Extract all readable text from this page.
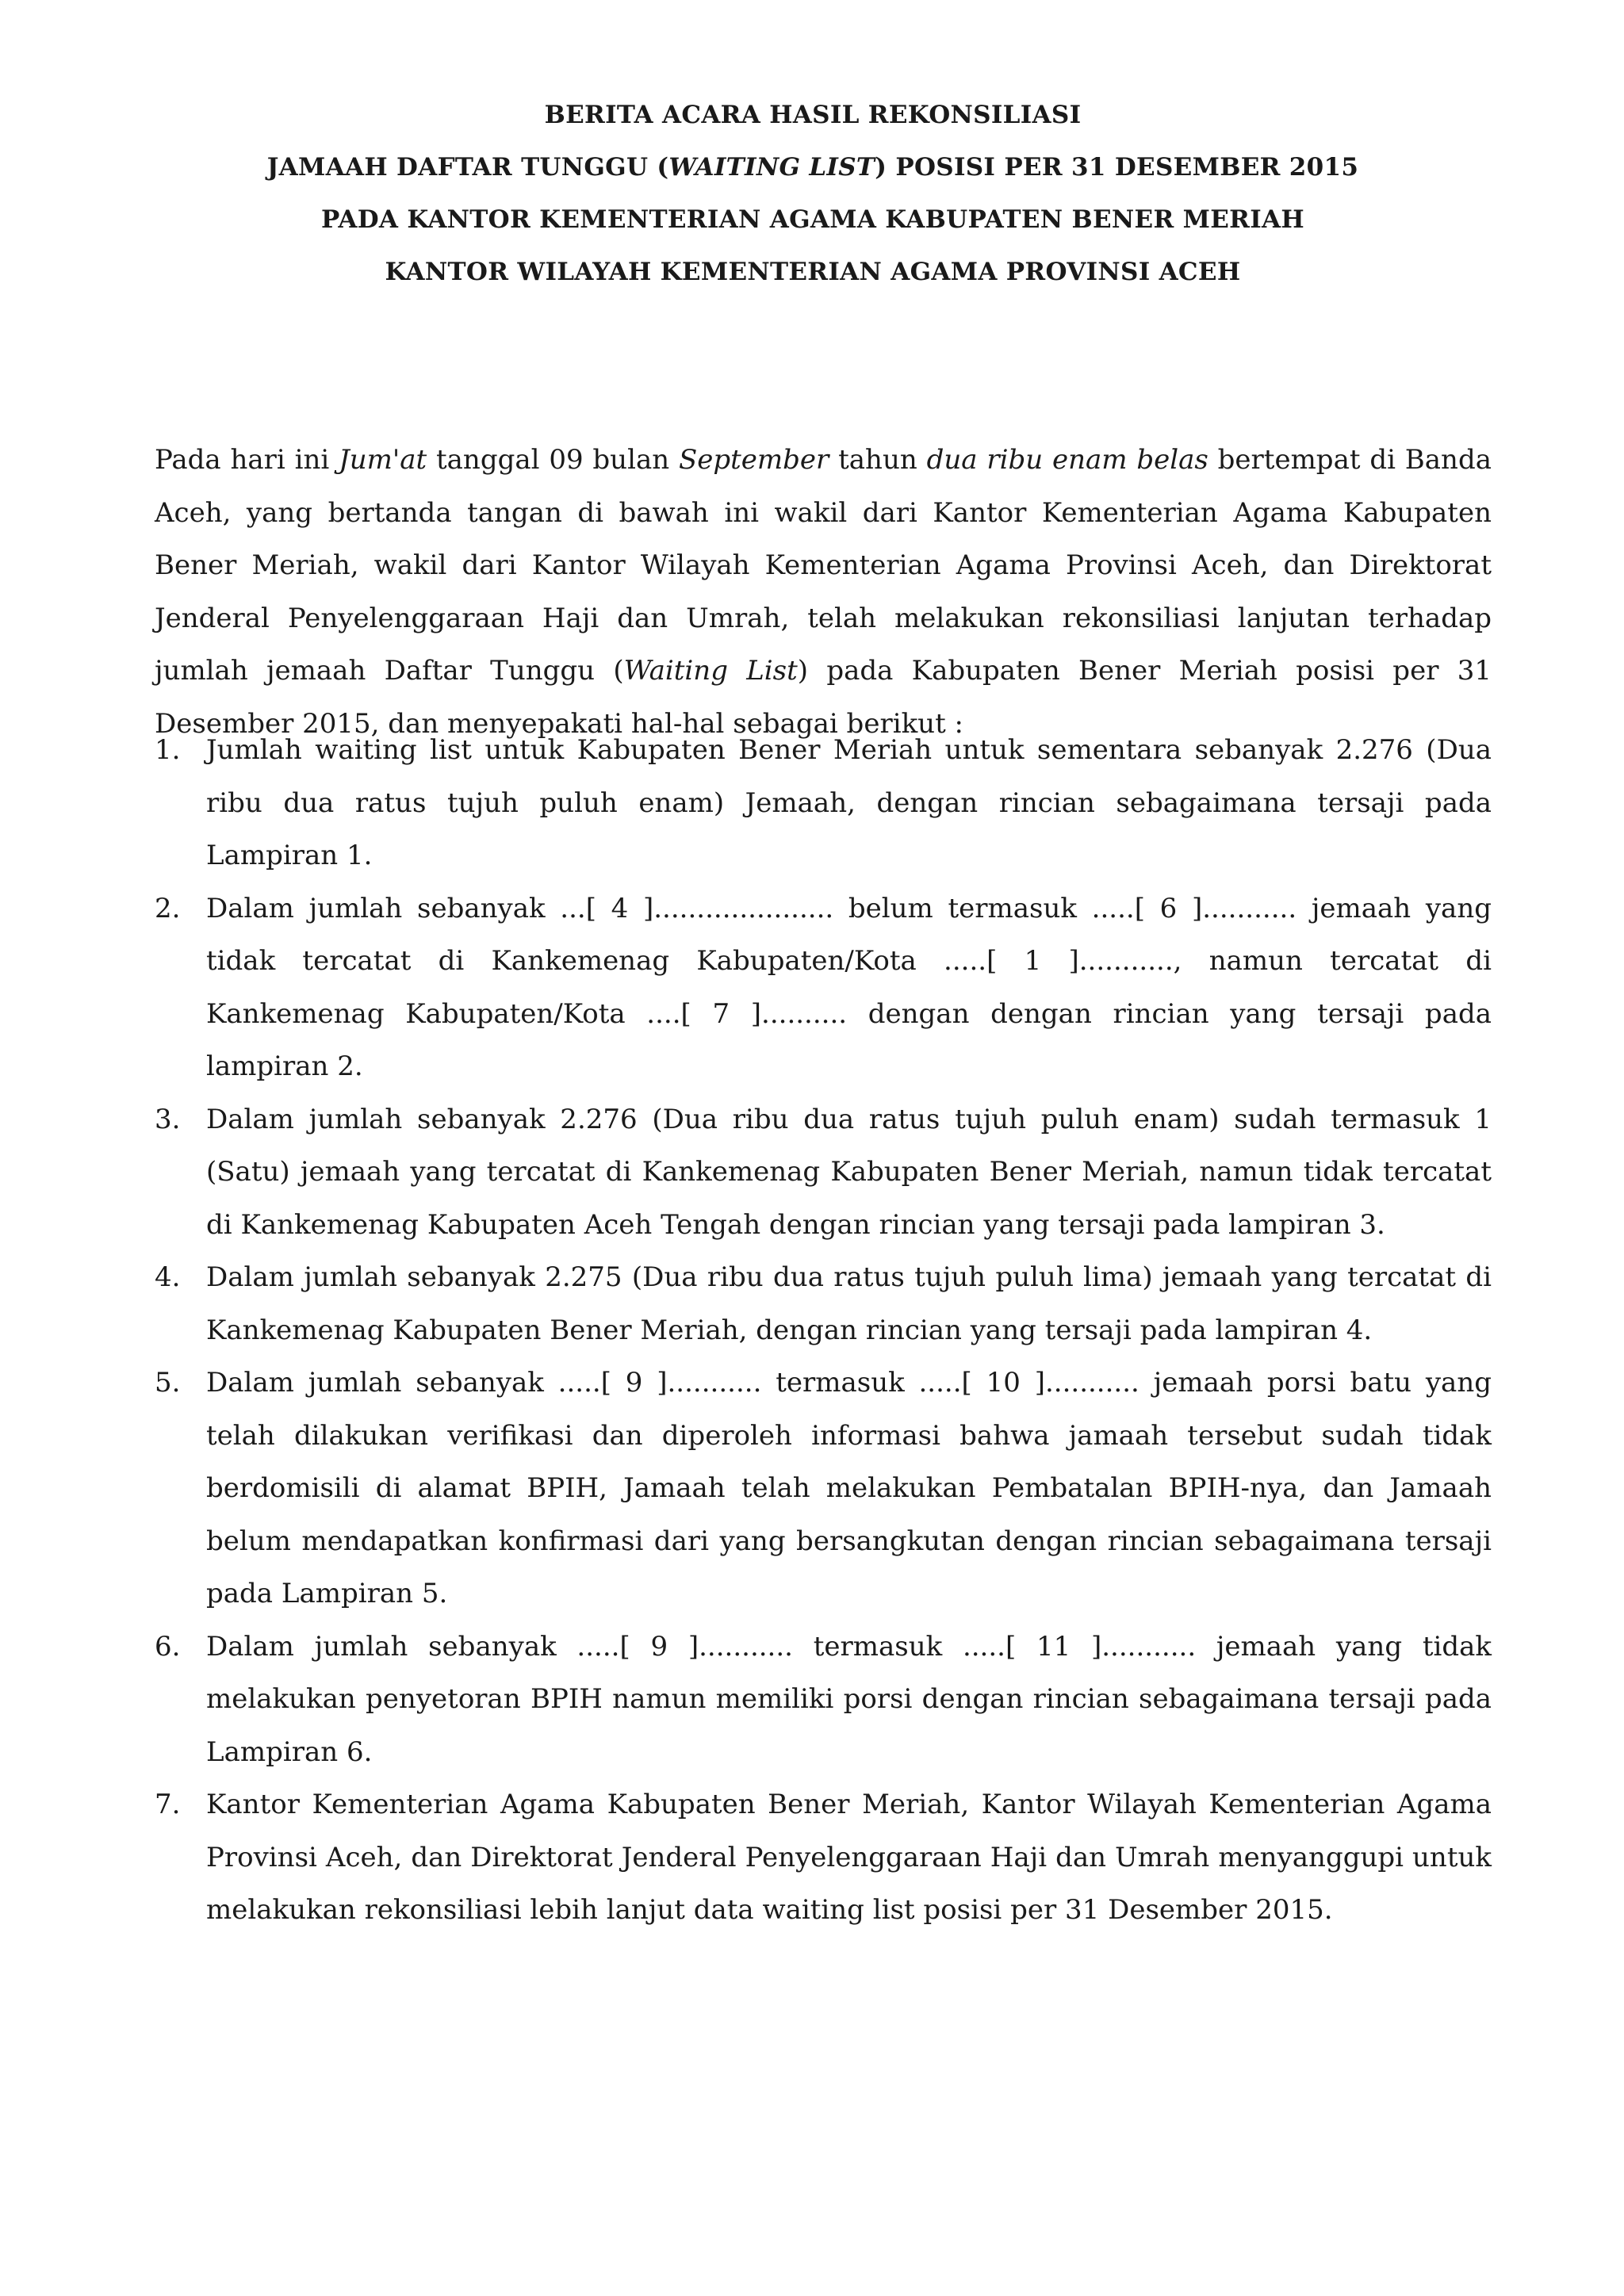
BERITA ACARA HASIL REKONSILIASI
JAMAAH DAFTAR TUNGGU (WAITING LIST) POSISI PER 31 DESEMBER 2015
PADA KANTOR KEMENTERIAN AGAMA KABUPATEN BENER MERIAH
KANTOR WILAYAH KEMENTERIAN AGAMA PROVINSI ACEH

Pada hari ini Jum'at tanggal 09 bulan September tahun dua ribu enam belas bertempat di Banda Aceh, yang bertanda tangan di bawah ini wakil dari Kantor Kementerian Agama Kabupaten Bener Meriah, wakil dari Kantor Wilayah Kementerian Agama Provinsi Aceh, dan Direktorat Jenderal Penyelenggaraan Haji dan Umrah, telah melakukan rekonsiliasi lanjutan terhadap jumlah jemaah Daftar Tunggu (Waiting List) pada Kabupaten Bener Meriah posisi per 31 Desember 2015, dan menyepakati hal-hal sebagai berikut :

1. Jumlah waiting list untuk Kabupaten Bener Meriah untuk sementara sebanyak 2.276 (Dua ribu dua ratus tujuh puluh enam) Jemaah, dengan rincian sebagaimana tersaji pada Lampiran 1.
2. Dalam jumlah sebanyak ...[ 4 ]..................... belum termasuk .....[ 6 ]........... jemaah yang tidak tercatat di Kankemenag Kabupaten/Kota .....[ 1 ]..........., namun tercatat di Kankemenag Kabupaten/Kota ....[ 7 ].......... dengan dengan rincian yang tersaji pada lampiran 2.
3. Dalam jumlah sebanyak 2.276 (Dua ribu dua ratus tujuh puluh enam) sudah termasuk 1 (Satu) jemaah yang tercatat di Kankemenag Kabupaten Bener Meriah, namun tidak tercatat di Kankemenag Kabupaten Aceh Tengah dengan rincian yang tersaji pada lampiran 3.
4. Dalam jumlah sebanyak 2.275 (Dua ribu dua ratus tujuh puluh lima) jemaah yang tercatat di Kankemenag Kabupaten Bener Meriah, dengan rincian yang tersaji pada lampiran 4.
5. Dalam jumlah sebanyak .....[ 9 ]........... termasuk .....[ 10 ]........... jemaah porsi batu yang telah dilakukan verifikasi dan diperoleh informasi bahwa jamaah tersebut sudah tidak berdomisili di alamat BPIH, Jamaah telah melakukan Pembatalan BPIH-nya, dan Jamaah belum mendapatkan konfirmasi dari yang bersangkutan dengan rincian sebagaimana tersaji pada Lampiran 5.
6. Dalam jumlah sebanyak .....[ 9 ]........... termasuk .....[ 11 ]........... jemaah yang tidak melakukan penyetoran BPIH namun memiliki porsi dengan rincian sebagaimana tersaji pada Lampiran 6.
7. Kantor Kementerian Agama Kabupaten Bener Meriah, Kantor Wilayah Kementerian Agama Provinsi Aceh, dan Direktorat Jenderal Penyelenggaraan Haji dan Umrah menyanggupi untuk melakukan rekonsiliasi lebih lanjut data waiting list posisi per 31 Desember 2015.
